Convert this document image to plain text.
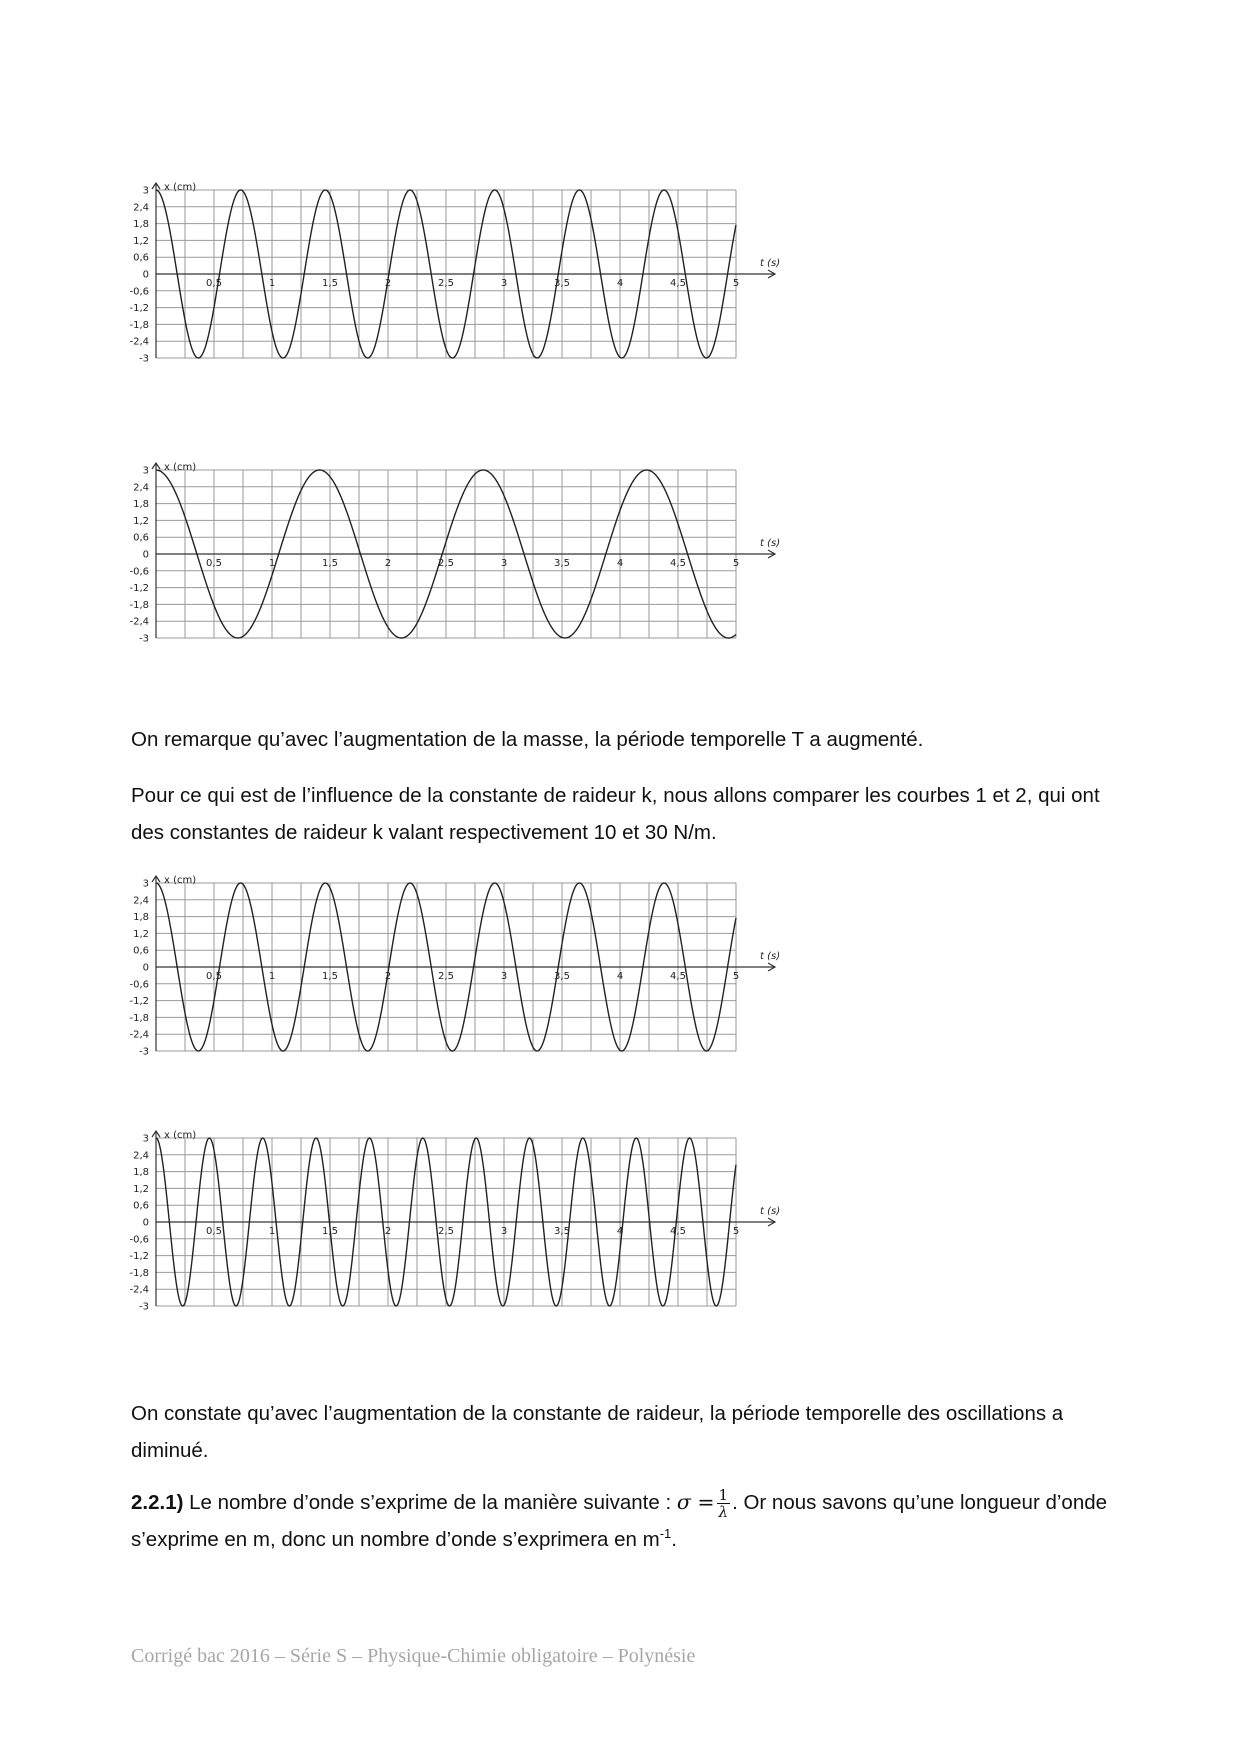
3
2,4
1,8
1,2
0,6
0
-0,6
-1,2
-1,8
-2,4
-3
x (cm)
t (s)
0,5	1	1,5	2	2,5	3	3,5	4	4,5	5
3
2,4
1,8
1,2
0,6
0
-0,6
-1,2
-1,8
-2,4
-3
x (cm)
t (s)
0,5	1	1,5	2	2,5	3	3,5	4	4,5	5

On remarque qu’avec l’augmentation de la masse, la période temporelle T a augmenté.

Pour ce qui est de l’influence de la constante de raideur k, nous allons comparer les courbes 1 et 2, qui ont des constantes de raideur k valant respectivement 10 et 30 N/m.

3
2,4
1,8
1,2
0,6
0
-0,6
-1,2
-1,8
-2,4
-3
x (cm)
t (s)
0,5	1	1,5	2	2,5	3	3,5	4	4,5	5
3
2,4
1,8
1,2
0,6
0
-0,6
-1,2
-1,8
-2,4
-3
x (cm)
t (s)
0,5	1	1,5	2	2,5	3	3,5	4	4,5	5

On constate qu’avec l’augmentation de la constante de raideur, la période temporelle des oscillations a diminué.

2.2.1) Le nombre d’onde s’exprime de la manière suivante : $\sigma = \frac{1}{\lambda}$ . Or nous savons qu’une longueur d’onde s’exprime en m, donc un nombre d’onde s’exprimera en $m^{-1}$.

Corrigé bac 2016 – Série S – Physique-Chimie obligatoire – Polynésie
